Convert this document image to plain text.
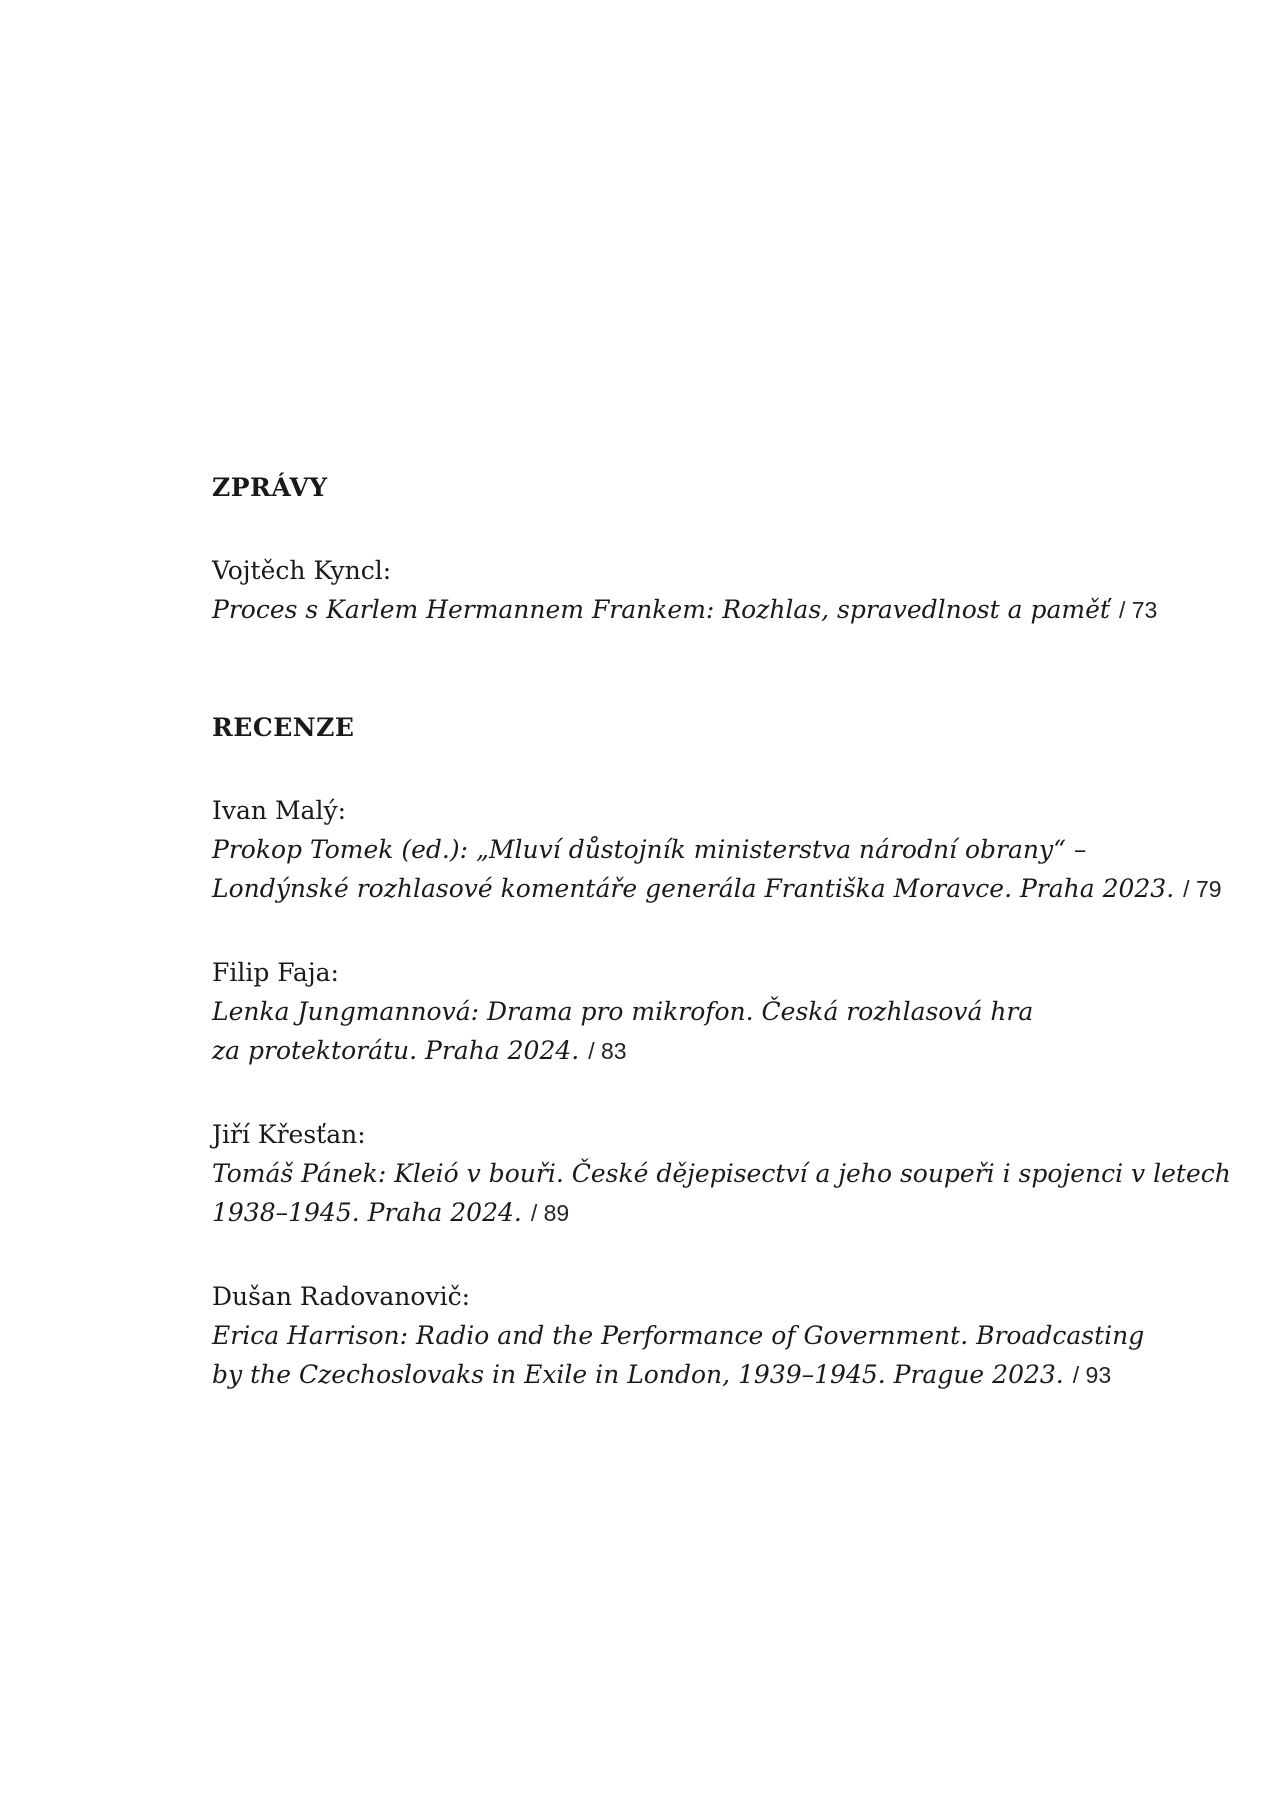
ZPRÁVY
Vojtěch Kyncl:
Proces s Karlem Hermannem Frankem: Rozhlas, spravedlnost a paměť / 73
RECENZE
Ivan Malý:
Prokop Tomek (ed.): „Mluví důstojník ministerstva národní obrany“ –
Londýnské rozhlasové komentáře generála Františka Moravce. Praha 2023. / 79
Filip Faja:
Lenka Jungmannová: Drama pro mikrofon. Česká rozhlasová hra
za protektorátu. Praha 2024. / 83
Jiří Křesťan:
Tomáš Pánek: Kleió v bouři. České dějepisectví a jeho soupeři i spojenci v letech
1938–1945. Praha 2024. / 89
Dušan Radovanovič:
Erica Harrison: Radio and the Performance of Government. Broadcasting
by the Czechoslovaks in Exile in London, 1939–1945. Prague 2023. / 93
